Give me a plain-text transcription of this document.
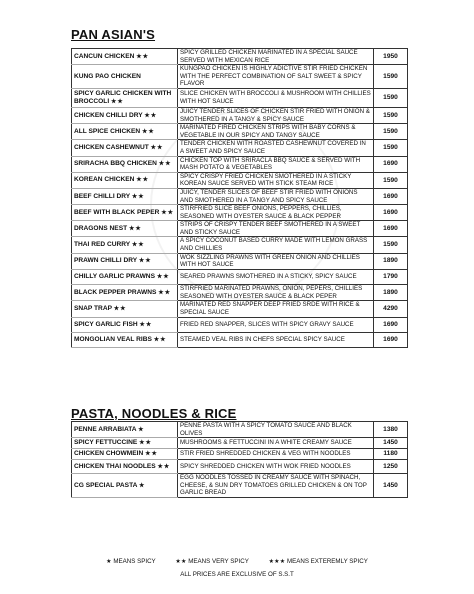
PAN ASIAN'S
CANCUN CHICKEN ★★	SPICY GRILLED CHICKEN MARINATED IN A SPECIAL SAUCE SERVED WITH MEXICAN RICE	1950
KUNG PAO CHICKEN	KUNGPAO CHICKEN IS HIGHLY ADICTIVE STIR FRIED CHICKEN WITH THE PERFECT COMBINATION OF SALT SWEET & SPICY FLAVOR	1590
SPICY GARLIC CHICKEN WITH BROCCOLI ★★	SLICE CHICKEN WITH BROCCOLI & MUSHROOM WITH CHILLIES WITH HOT SAUCE	1590
CHICKEN CHILLI DRY ★★	JUICY TENDER SLICES OF CHICKEN STIR FRIED WITH ONION & SMOTHERED IN A TANGY & SPICY SAUCE	1590
ALL SPICE CHICKEN ★★	MARINATED FIRED CHICKEN STRIPS WITH BABY CORNS & VEGETABLE IN OUR SPICY AND TANGY SAUCE	1590
CHICKEN CASHEWNUT ★★	TENDER CHICKEN WITH ROASTED CASHEWNUT COVERED IN A SWEET AND SPICY SAUCE	1590
SRIRACHA BBQ CHICKEN ★★	CHICKEN TOP WITH SRIRACLA BBQ SAUCE & SERVED WITH MASH POTATO & VEGETABLES	1690
KOREAN CHICKEN ★★	SPICY CRISPY FRIED CHICKEN SMOTHERED IN A STICKY KOREAN SAUCE SERVED WITH STICK STEAM RICE	1590
BEEF CHILLI DRY ★★	JUICY, TENDER SLICES OF BEEF STIR FRIED WITH ONIONS AND SMOTHERED IN A TANGY AND SPICY SAUCE	1690
BEEF WITH BLACK PEPER ★★	STIRFRIED SLICE BEEF ONIONS, PEPPERS, CHILLIES, SEASONED WITH OYESTER SAUCE & BLACK PEPPER	1690
DRAGONS NEST ★★	STRIPS OF CRISPY TENDER BEEF SMOTHERED IN A SWEET AND STICKY SAUCE	1690
THAI RED CURRY ★★	A SPICY COCONUT BASED CURRY MADE WITH LEMON GRASS AND CHILLIES	1590
PRAWN CHILLI DRY ★★	WOK SIZZLING PRAWNS WITH GREEN ONION AND CHILLIES WITH HOT SAUCE	1890
CHILLY GARLIC PRAWNS ★★	SEARED PRAWNS SMOTHERED IN A STICKY, SPICY SAUCE	1790
BLACK PEPPER PRAWNS ★★	STIRFRIED MARINATED PRAWNS, ONION, PEPERS, CHILLIES SEASONED WITH OYESTER SAUCE & BLACK PEPER	1890
SNAP TRAP ★★	MARINATED RED SNAPPER DEEP FRIED SRDE WITH RICE & SPECIAL SAUCE	4290
SPICY GARLIC FISH ★★	FRIED RED SNAPPER, SLICES WITH SPICY GRAVY SAUCE	1690
MONGOLIAN VEAL RIBS ★★	STEAMED VEAL RIBS IN CHEFS SPECIAL SPICY SAUCE	1690
PASTA, NOODLES & RICE
PENNE ARRABIATA ★	PENNE PASTA WITH A SPICY TOMATO SAUCE AND BLACK OLIVES	1380
SPICY FETTUCCINE ★★	MUSHROOMS & FETTUCCINI IN A WHITE CREAMY SAUCE	1450
CHICKEN CHOWMEIN ★★	STIR FRIED SHREDDED CHICKEN & VEG WITH NOODLES	1180
CHICKEN THAI NOODLES ★★	SPICY SHREDDED CHICKEN WITH WOK FRIED NOODLES	1250
CG SPECIAL PASTA ★	EGG NOODLES TOSSED IN CREAMY SAUCE WITH SPINACH, CHEESE, & SUN DRY TOMATOES GRILLED CHICKEN & ON TOP GARLIC BREAD	1450
★ MEANS SPICY	★★ MEANS VERY SPICY	★★★ MEANS EXTEREMLY SPICY
ALL PRICES ARE EXCLUSIVE OF S.S.T
